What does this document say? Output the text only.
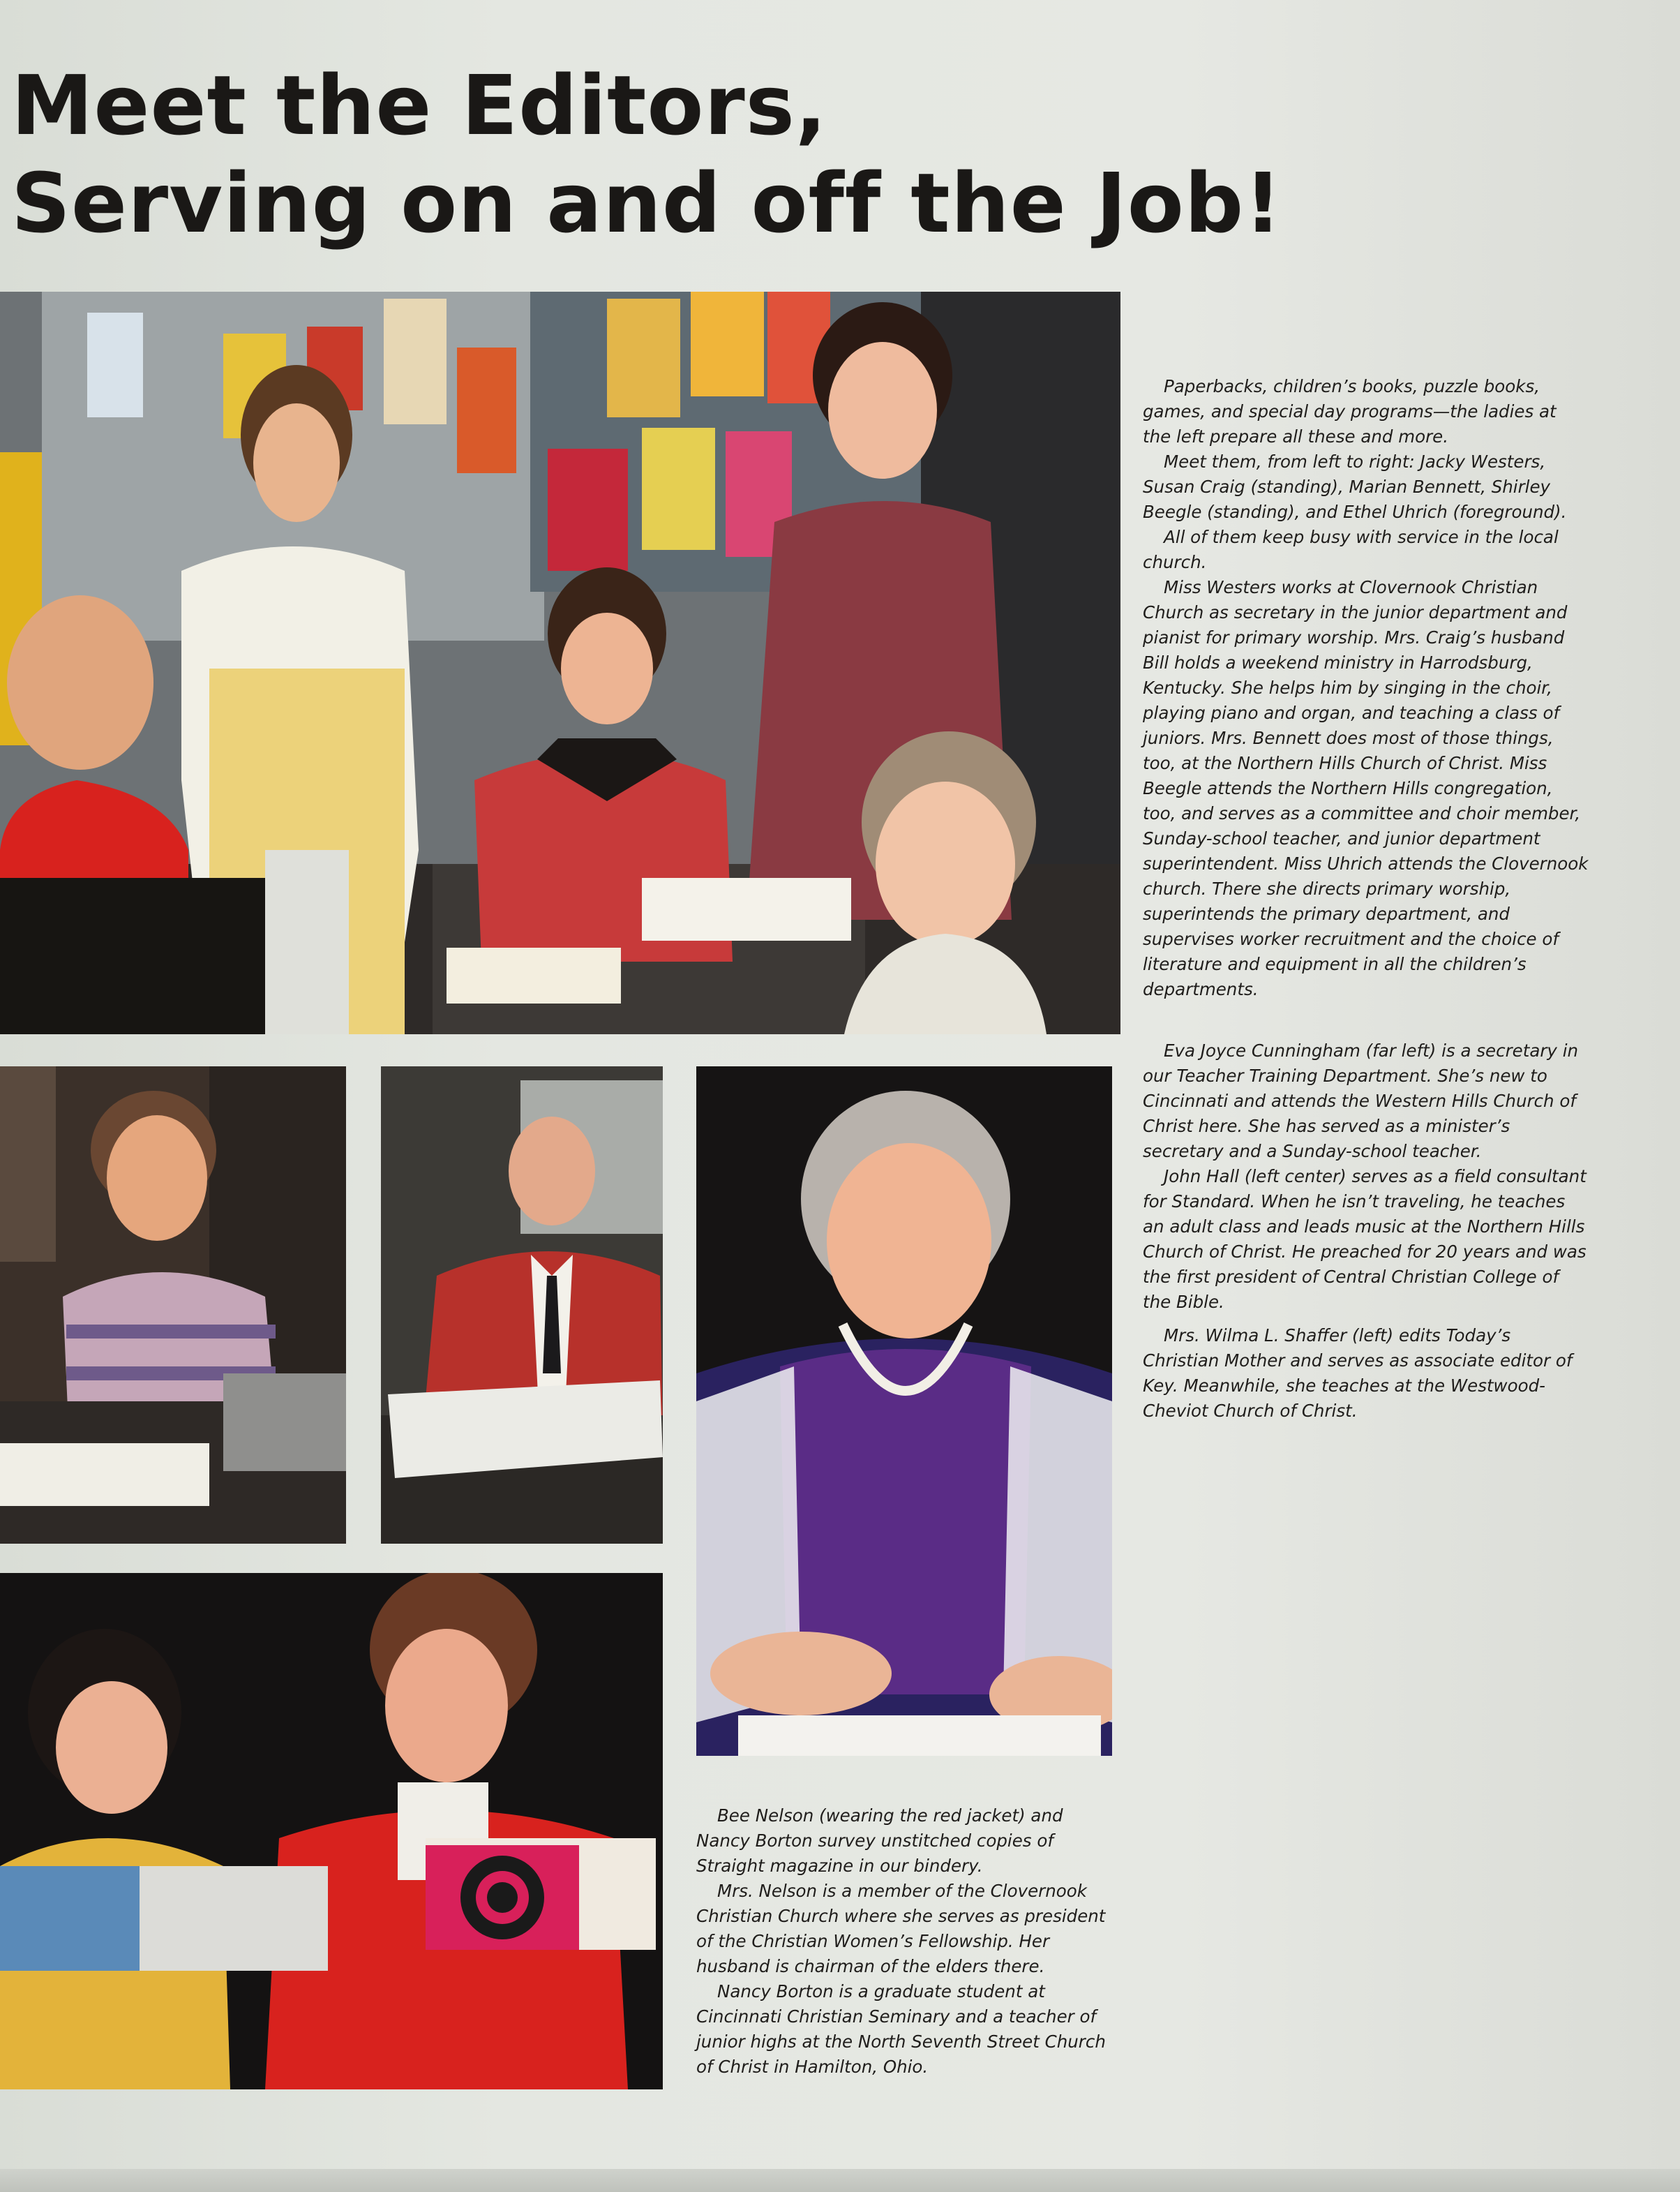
Meet the Editors,
Serving on and off the Job!

Paperbacks, children’s books, puzzle books, games, and special day programs—the ladies at the left prepare all these and more.

Meet them, from left to right: Jacky Westers, Susan Craig (standing), Marian Bennett, Shirley Beegle (standing), and Ethel Uhrich (foreground).

All of them keep busy with service in the local church.

Miss Westers works at Clovernook Christian Church as secretary in the junior department and pianist for primary worship. Mrs. Craig’s husband Bill holds a weekend ministry in Harrodsburg, Kentucky. She helps him by singing in the choir, playing piano and organ, and teaching a class of juniors. Mrs. Bennett does most of those things, too, at the Northern Hills Church of Christ. Miss Beegle attends the Northern Hills congregation, too, and serves as a committee and choir member, Sunday-school teacher, and junior department superintendent. Miss Uhrich attends the Clovernook church. There she directs primary worship, superintends the primary department, and supervises worker recruitment and the choice of literature and equipment in all the children’s departments.

Eva Joyce Cunningham (far left) is a secretary in our Teacher Training Department. She’s new to Cincinnati and attends the Western Hills Church of Christ here. She has served as a minister’s secretary and a Sunday-school teacher.

John Hall (left center) serves as a field consultant for Standard. When he isn’t traveling, he teaches an adult class and leads music at the Northern Hills Church of Christ. He preached for 20 years and was the first president of Central Christian College of the Bible.

Mrs. Wilma L. Shaffer (left) edits Today’s Christian Mother and serves as associate editor of Key. Meanwhile, she teaches at the Westwood-Cheviot Church of Christ.

Bee Nelson (wearing the red jacket) and Nancy Borton survey unstitched copies of Straight magazine in our bindery.

Mrs. Nelson is a member of the Clovernook Christian Church where she serves as president of the Christian Women’s Fellowship. Her husband is chairman of the elders there.

Nancy Borton is a graduate student at Cincinnati Christian Seminary and a teacher of junior highs at the North Seventh Street Church of Christ in Hamilton, Ohio.
